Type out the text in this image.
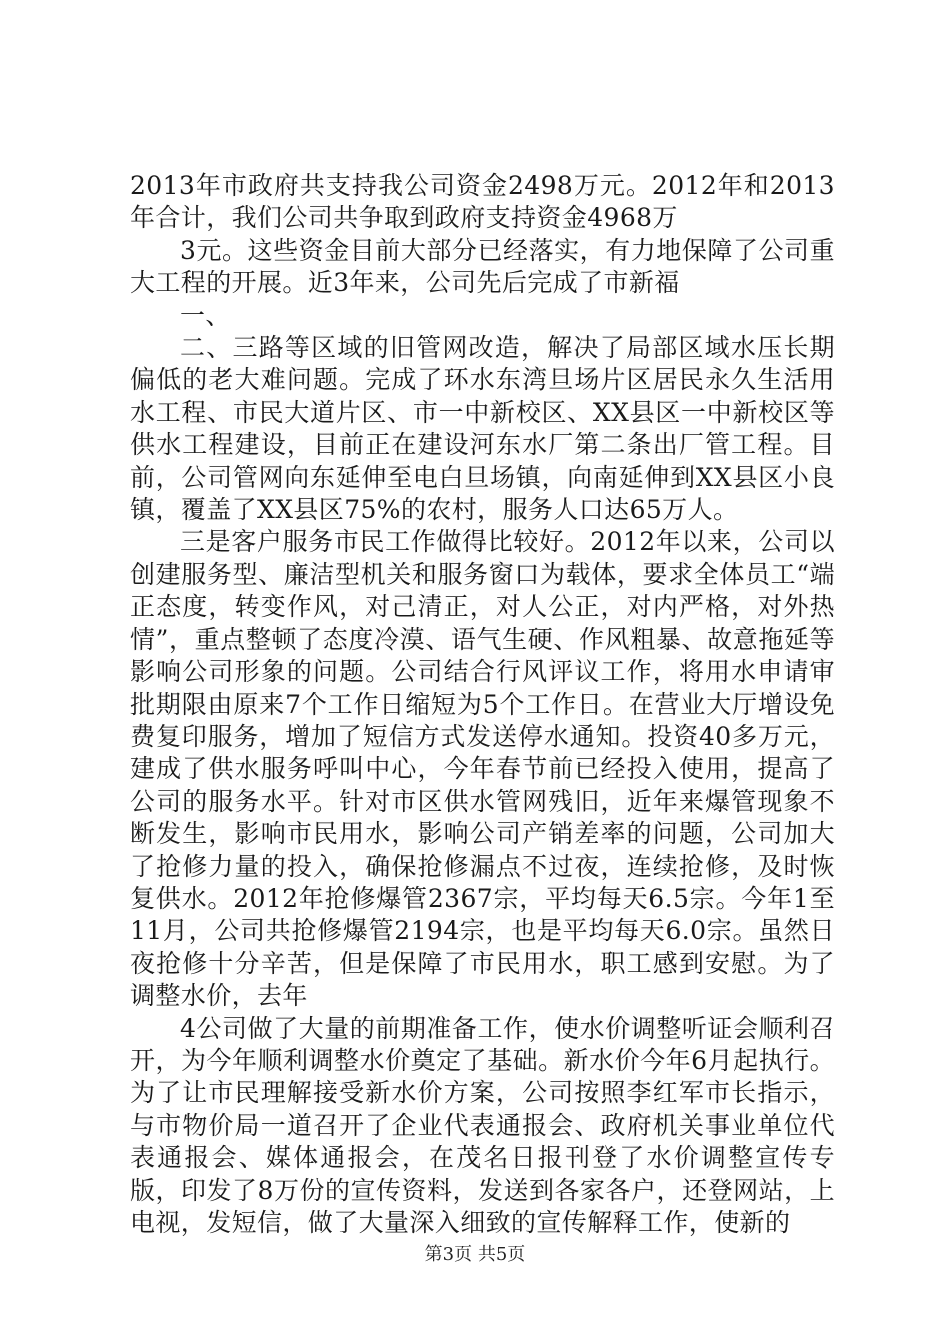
2013年市政府共支持我公司资金2498万元。2012年和2013年合计，我们公司共争取到政府支持资金4968万

3元。这些资金目前大部分已经落实，有力地保障了公司重大工程的开展。近3年来，公司先后完成了市新福

一、

二、三路等区域的旧管网改造，解决了局部区域水压长期偏低的老大难问题。完成了环水东湾旦场片区居民永久生活用水工程、市民大道片区、市一中新校区、XX县区一中新校区等供水工程建设，目前正在建设河东水厂第二条出厂管工程。目前，公司管网向东延伸至电白旦场镇，向南延伸到XX县区小良镇，覆盖了XX县区75%的农村，服务人口达65万人。

三是客户服务市民工作做得比较好。2012年以来，公司以创建服务型、廉洁型机关和服务窗口为载体，要求全体员工“端正态度，转变作风，对己清正，对人公正，对内严格，对外热情”，重点整顿了态度冷漠、语气生硬、作风粗暴、故意拖延等影响公司形象的问题。公司结合行风评议工作，将用水申请审批期限由原来7个工作日缩短为5个工作日。在营业大厅增设免费复印服务，增加了短信方式发送停水通知。投资40多万元，建成了供水服务呼叫中心，今年春节前已经投入使用，提高了公司的服务水平。针对市区供水管网残旧，近年来爆管现象不断发生，影响市民用水，影响公司产销差率的问题，公司加大了抢修力量的投入，确保抢修漏点不过夜，连续抢修，及时恢复供水。2012年抢修爆管2367宗，平均每天6.5宗。今年1至11月，公司共抢修爆管2194宗，也是平均每天6.0宗。虽然日夜抢修十分辛苦，但是保障了市民用水，职工感到安慰。为了调整水价，去年

4公司做了大量的前期准备工作，使水价调整听证会顺利召开，为今年顺利调整水价奠定了基础。新水价今年6月起执行。为了让市民理解接受新水价方案，公司按照李红军市长指示，与市物价局一道召开了企业代表通报会、政府机关事业单位代表通报会、媒体通报会，在茂名日报刊登了水价调整宣传专版，印发了8万份的宣传资料，发送到各家各户，还登网站，上电视，发短信，做了大量深入细致的宣传解释工作，使新的

第3页 共5页
